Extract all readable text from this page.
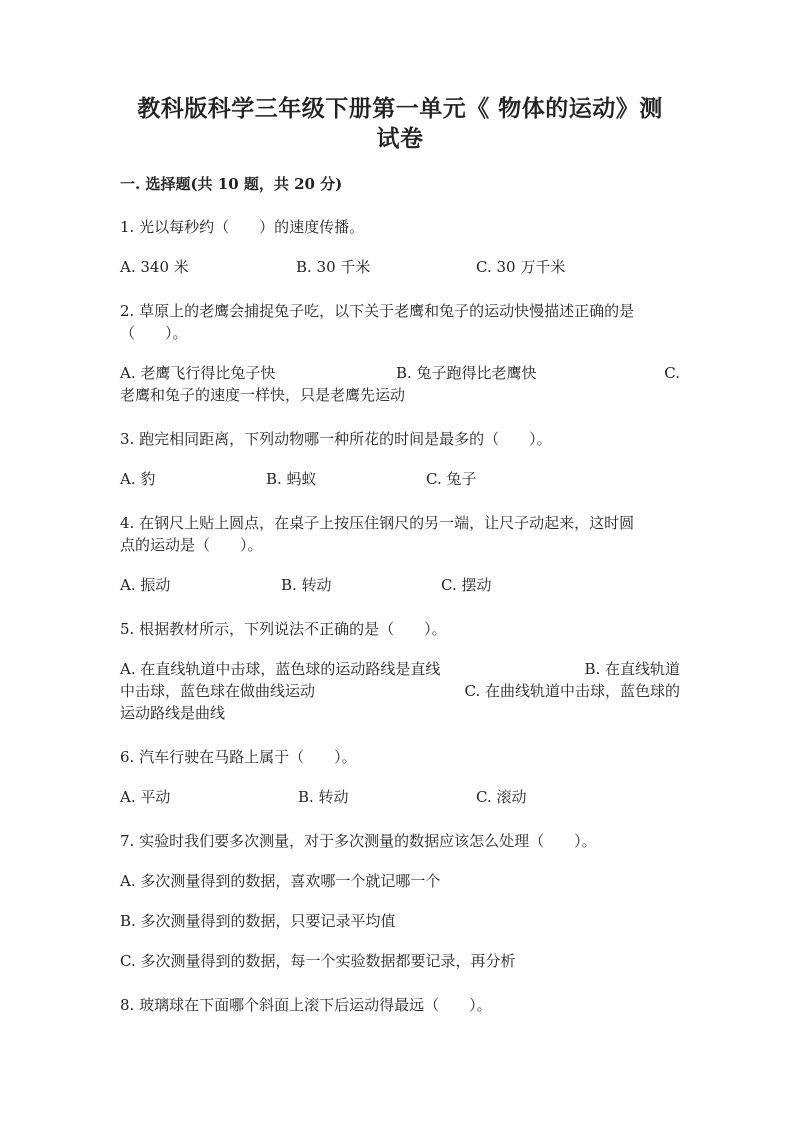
教科版科学三年级下册第一单元《 物体的运动》测
试卷
一. 选择题(共 10 题，共 20 分)
1. 光以每秒约（　　）的速度传播。
A. 340 米	B. 30 千米	C. 30 万千米
2. 草原上的老鹰会捕捉兔子吃，以下关于老鹰和兔子的运动快慢描述正确的是
（　　）。
A. 老鹰飞行得比兔子快	B. 兔子跑得比老鹰快	C.
老鹰和兔子的速度一样快，只是老鹰先运动
3. 跑完相同距离，下列动物哪一种所花的时间是最多的（　　）。
A. 豹	B. 蚂蚁	C. 兔子
4. 在钢尺上贴上圆点，在桌子上按压住钢尺的另一端，让尺子动起来，这时圆
点的运动是（　　）。
A. 振动	B. 转动	C. 摆动
5. 根据教材所示，下列说法不正确的是（　　）。
A. 在直线轨道中击球，蓝色球的运动路线是直线	B. 在直线轨道
中击球，蓝色球在做曲线运动	C. 在曲线轨道中击球，蓝色球的
运动路线是曲线
6. 汽车行驶在马路上属于（　　）。
A. 平动	B. 转动	C. 滚动
7. 实验时我们要多次测量，对于多次测量的数据应该怎么处理（　　）。
A. 多次测量得到的数据，喜欢哪一个就记哪一个
B. 多次测量得到的数据，只要记录平均值
C. 多次测量得到的数据，每一个实验数据都要记录，再分析
8. 玻璃球在下面哪个斜面上滚下后运动得最远（　　）。
